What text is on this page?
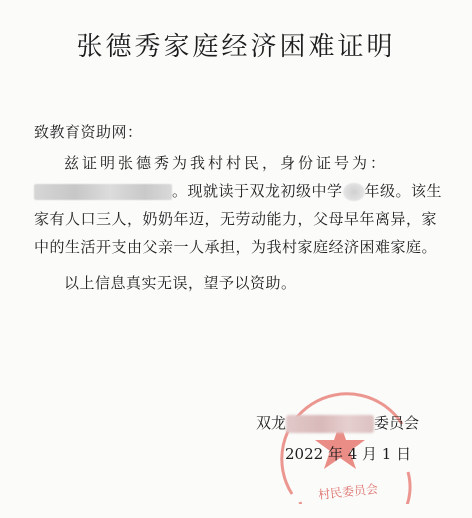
张德秀家庭经济困难证明
致教育资助网：
兹证明张德秀为我村村民，身份证号为：
。现就读于双龙初级中学 年级。该生
家有人口三人，奶奶年迈，无劳动能力，父母早年离异，家
中的生活开支由父亲一人承担，为我村家庭经济困难家庭。
以上信息真实无误，望予以资助。
村民委员会
双龙	委员会
2022 年 4 月 1 日
